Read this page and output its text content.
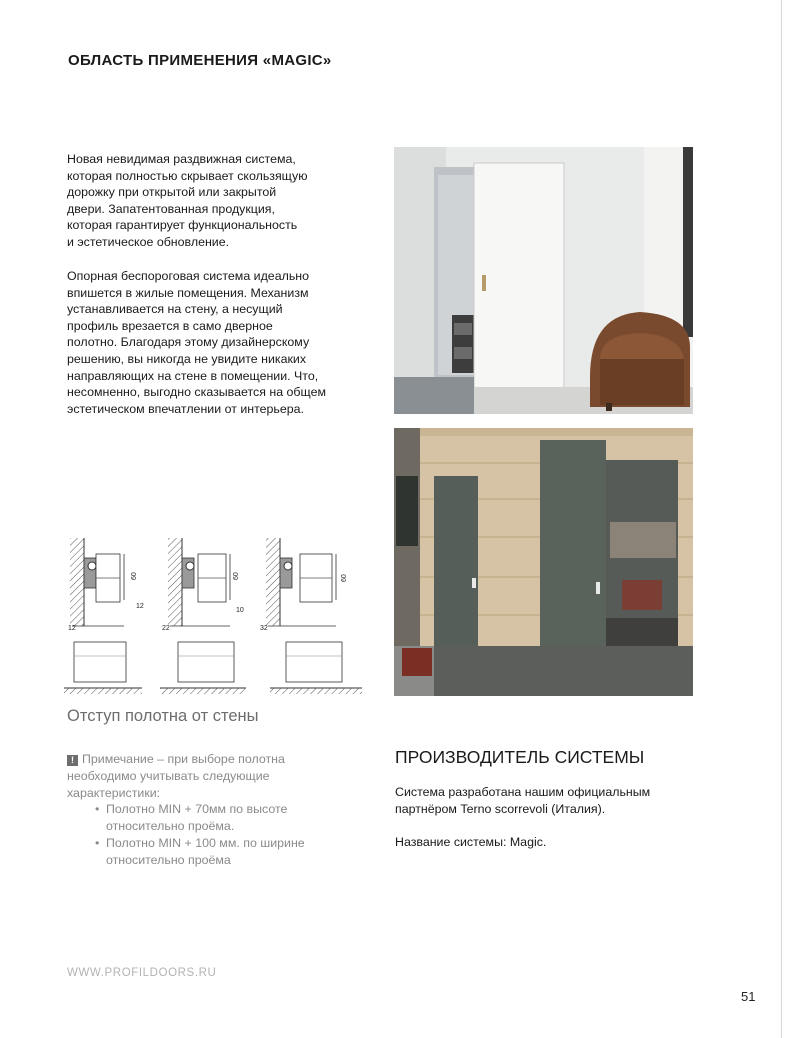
ОБЛАСТЬ ПРИМЕНЕНИЯ «MAGIC»

Новая невидимая раздвижная система,
которая полностью скрывает скользящую
дорожку при открытой или закрытой
двери. Запатентованная продукция,
которая гарантирует функциональность
и эстетическое обновление.

Опорная беспороговая система идеально
впишется в жилые помещения. Механизм
устанавливается на стену, а несущий
профиль врезается в само дверное
полотно. Благодаря этому дизайнерскому
решению, вы никогда не увидите никаких
направляющих на стене в помещении. Что,
несомненно, выгодно сказывается на общем
эстетическом впечатлении от интерьера.

60
12
12
60
10
22
60
32
Отступ полотна от стены
! Примечание – при выборе полотна
необходимо учитывать следующие
характеристики:
• Полотно MIN + 70мм по высоте
относительно проёма.
• Полотно MIN + 100 мм. по ширине
относительно проёма
ПРОИЗВОДИТЕЛЬ СИСТЕМЫ

Система разработана нашим официальным
партнёром Terno scorrevoli (Италия).

Название системы: Magic.

WWW.PROFILDOORS.RU
51
